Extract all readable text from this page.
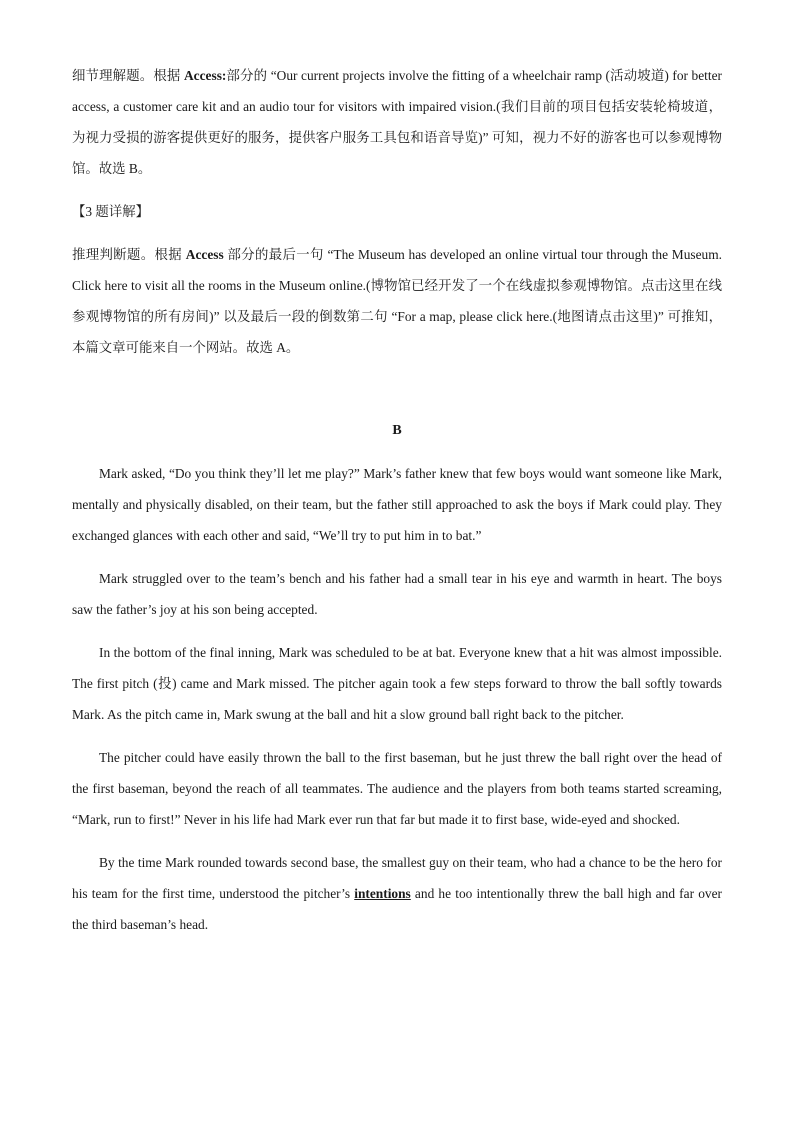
细节理解题。根据 Access:部分的 “Our current projects involve the fitting of a wheelchair ramp (活动坡道) for better access, a customer care kit and an audio tour for visitors with impaired vision.(我们目前的项目包括安装轮椅坡道，为视力受损的游客提供更好的服务，提供客户服务工具包和语音导览)” 可知，视力不好的游客也可以参观博物馆。故选 B。

【3 题详解】

推理判断题。根据 Access 部分的最后一句 “The Museum has developed an online virtual tour through the Museum. Click here to visit all the rooms in the Museum online.(博物馆已经开发了一个在线虚拟参观博物馆。点击这里在线参观博物馆的所有房间)” 以及最后一段的倒数第二句 “For a map, please click here.(地图请点击这里)” 可推知，本篇文章可能来自一个网站。故选 A。

B

Mark asked, “Do you think they’ll let me play?” Mark’s father knew that few boys would want someone like Mark, mentally and physically disabled, on their team, but the father still approached to ask the boys if Mark could play. They exchanged glances with each other and said, “We’ll try to put him in to bat.”

Mark struggled over to the team’s bench and his father had a small tear in his eye and warmth in heart. The boys saw the father’s joy at his son being accepted.

In the bottom of the final inning, Mark was scheduled to be at bat. Everyone knew that a hit was almost impossible. The first pitch (投) came and Mark missed. The pitcher again took a few steps forward to throw the ball softly towards Mark. As the pitch came in, Mark swung at the ball and hit a slow ground ball right back to the pitcher.

The pitcher could have easily thrown the ball to the first baseman, but he just threw the ball right over the head of the first baseman, beyond the reach of all teammates. The audience and the players from both teams started screaming, “Mark, run to first!” Never in his life had Mark ever run that far but made it to first base, wide-eyed and shocked.

By the time Mark rounded towards second base, the smallest guy on their team, who had a chance to be the hero for his team for the first time, understood the pitcher’s intentions and he too intentionally threw the ball high and far over the third baseman’s head.
